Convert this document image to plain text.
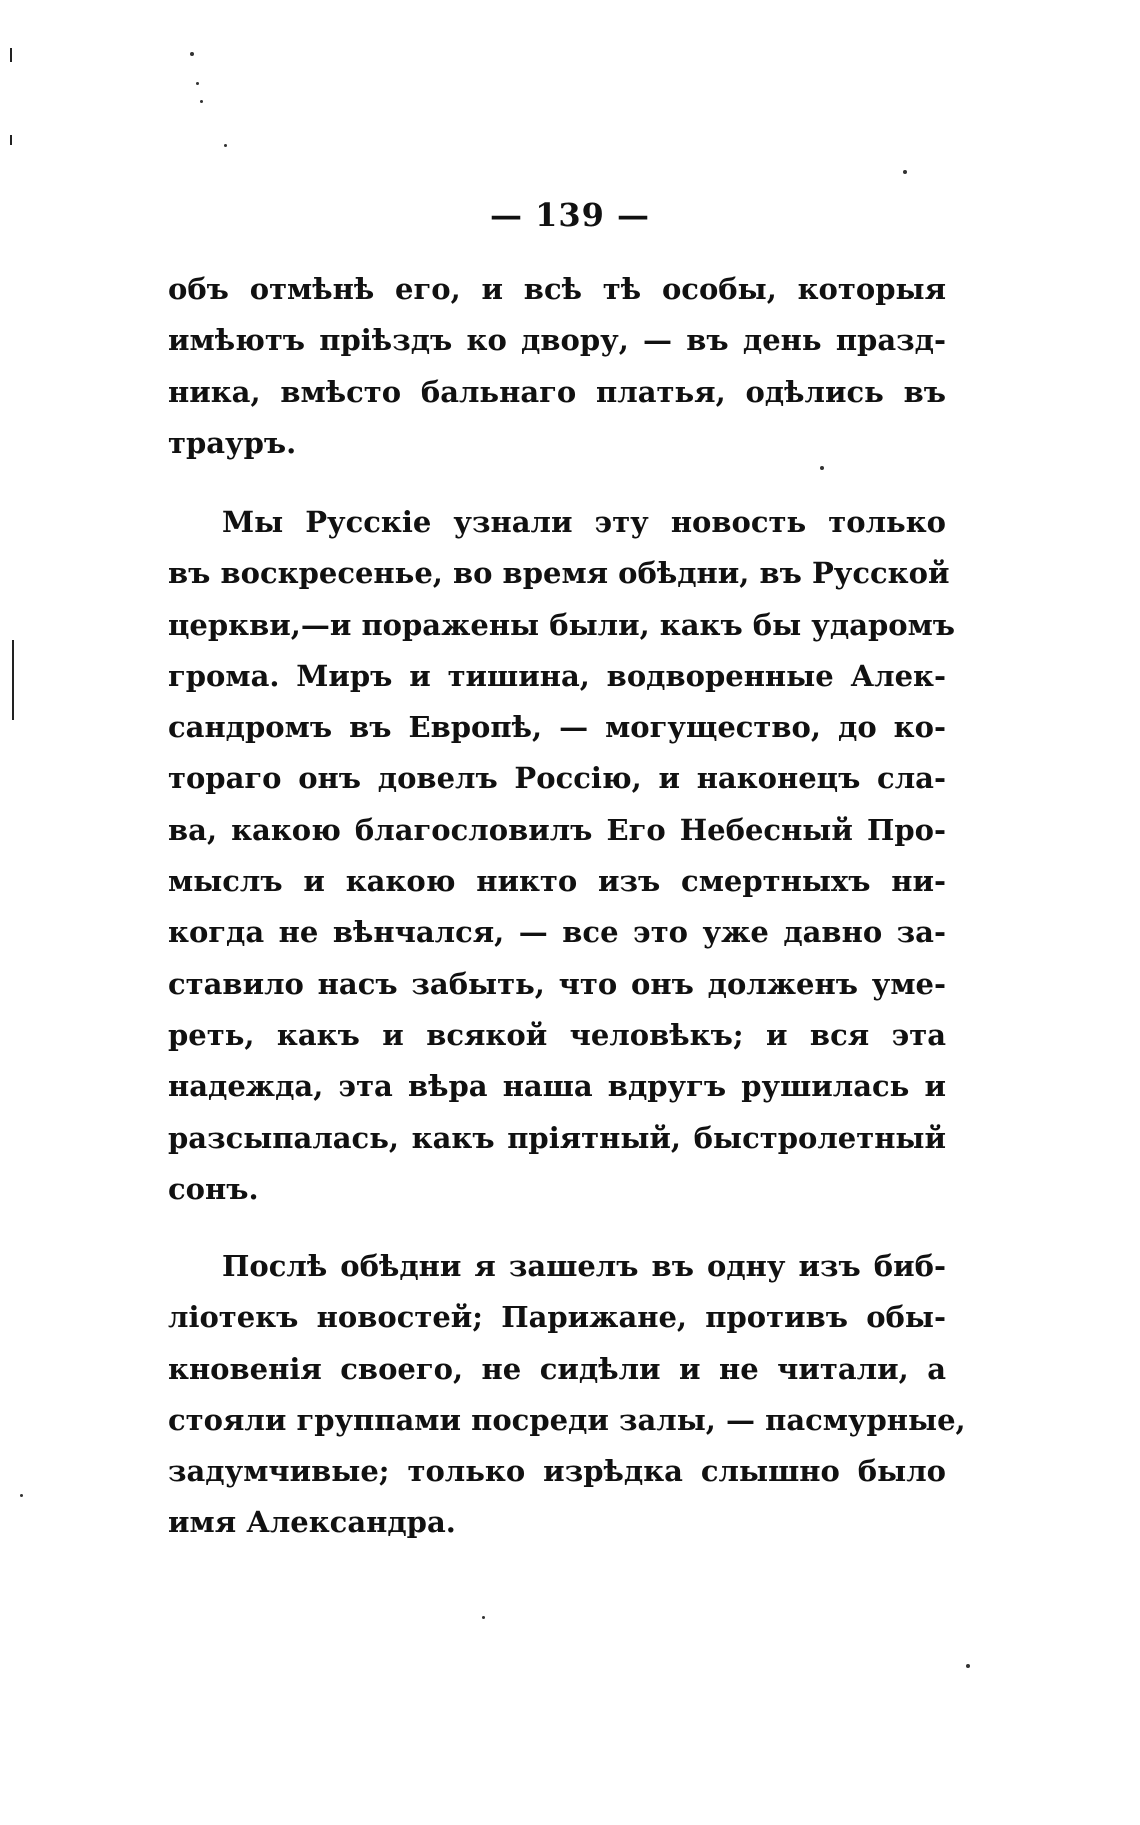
— 139 —
объ отмѣнѣ его, и всѣ тѣ особы, которыя
имѣютъ пріѣздъ ко двору, — въ день празд-
ника, вмѣсто бальнаго платья, одѣлись въ
трауръ.
Мы Русскіе узнали эту новость только
въ воскресенье, во время обѣдни, въ Русской
церкви,—и поражены были, какъ бы ударомъ
грома. Миръ и тишина, водворенные Алек-
сандромъ въ Европѣ, — могущество, до ко-
тораго онъ довелъ Россію, и наконецъ сла-
ва, какою благословилъ Его Небесный Про-
мыслъ и какою никто изъ смертныхъ ни-
когда не вѣнчался, — все это уже давно за-
ставило насъ забыть, что онъ долженъ уме-
реть, какъ и всякой человѣкъ; и вся эта
надежда, эта вѣра наша вдругъ рушилась и
разсыпалась, какъ пріятный, быстролетный
сонъ.
Послѣ обѣдни я зашелъ въ одну изъ биб-
ліотекъ новостей; Парижане, противъ обы-
кновенія своего, не сидѣли и не читали, а
стояли группами посреди залы, — пасмурные,
задумчивые; только изрѣдка слышно было
имя Александра.
